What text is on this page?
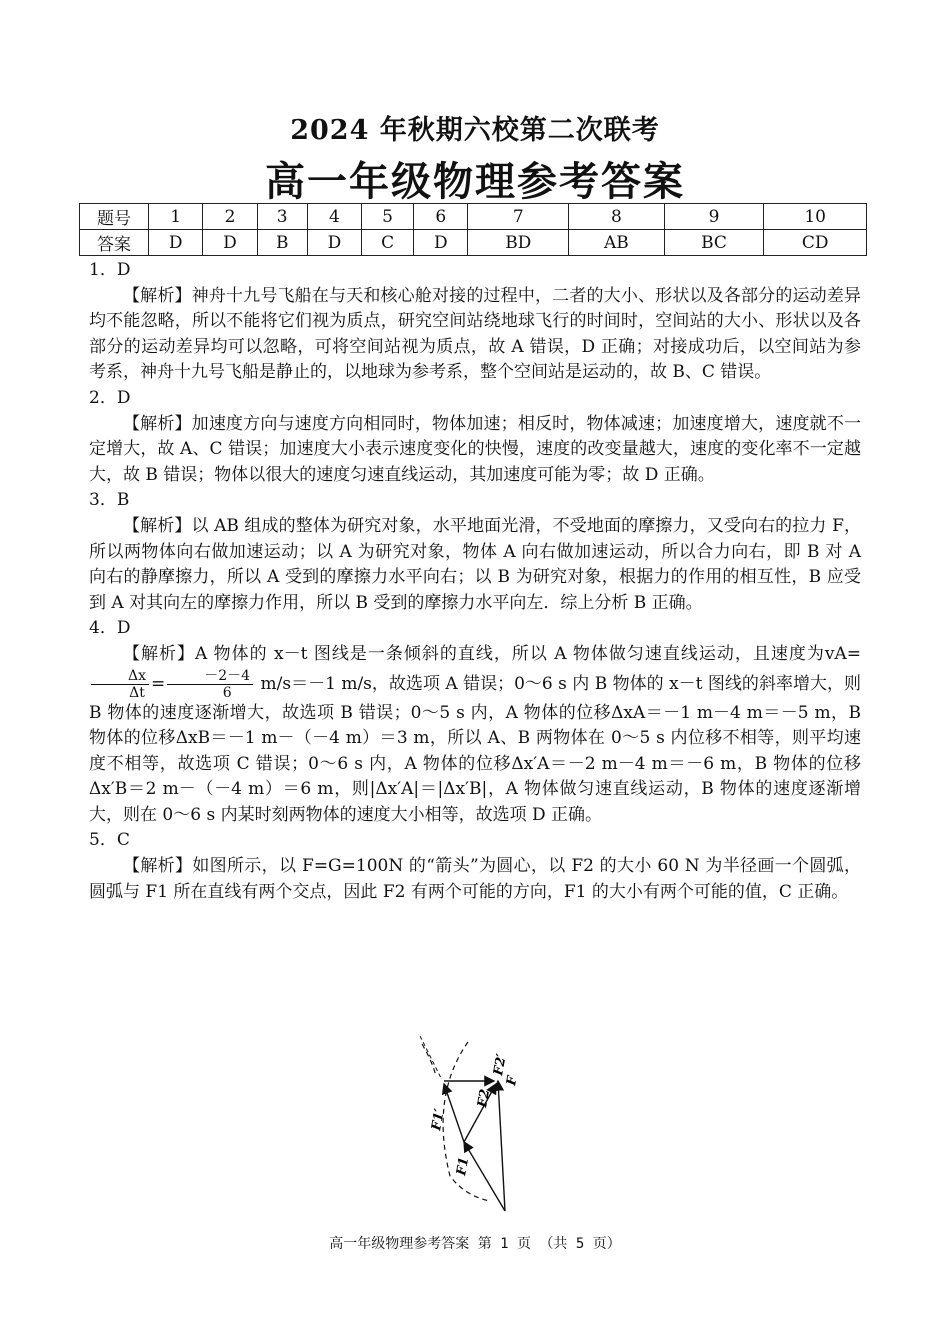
2024 年秋期六校第二次联考
高一年级物理参考答案
题号	1	2	3	4	5	6	7	8	9	10
答案	D	D	B	D	C	D	BD	AB	BC	CD

1．D

【解析】神舟十九号飞船在与天和核心舱对接的过程中，二者的大小、形状以及各部分的运动差异均不能忽略，所以不能将它们视为质点，研究空间站绕地球飞行的时间时，空间站的大小、形状以及各部分的运动差异均可以忽略，可将空间站视为质点，故 A 错误，D 正确；对接成功后，以空间站为参考系，神舟十九号飞船是静止的，以地球为参考系，整个空间站是运动的，故 B、C 错误。

2．D

【解析】加速度方向与速度方向相同时，物体加速；相反时，物体减速；加速度增大，速度就不一定增大，故 A、C 错误；加速度大小表示速度变化的快慢，速度的改变量越大，速度的变化率不一定越大，故 B 错误；物体以很大的速度匀速直线运动，其加速度可能为零；故 D 正确。

3．B

【解析】以 AB 组成的整体为研究对象，水平地面光滑，不受地面的摩擦力，又受向右的拉力 F，所以两物体向右做加速运动；以 A 为研究对象，物体 A 向右做加速运动，所以合力向右，即 B 对 A 向右的静摩擦力，所以 A 受到的摩擦力水平向右；以 B 为研究对象，根据力的作用的相互性，B 应受到 A 对其向左的摩擦力作用，所以 B 受到的摩擦力水平向左．综上分析 B 正确。

4．D

【解析】A 物体的 x－t 图线是一条倾斜的直线，所以 A 物体做匀速直线运动，且速度为vA=
$\frac{\Delta x}{\Delta t} = \frac{-2-4}{6} m/s=-1$ m/s，故选项 A 错误；0～6 s 内 B 物体的 x－t 图线的斜率增大，则 B 物体的速度逐渐增大，故选项 B 错误；0～5 s 内，A 物体的位移ΔxA＝－1 m－4 m＝－5 m，B 物体的位移ΔxB＝－1 m－（－4 m）＝3 m，所以 A、B 两物体在 0～5 s 内位移不相等，则平均速度不相等，故选项 C 错误；0～6 s 内，A 物体的位移Δx′A＝－2 m－4 m＝－6 m，B 物体的位移Δx′B＝2 m－（－4 m）＝6 m，则|Δx′A|＝|Δx′B|，A 物体做匀速直线运动，B 物体的速度逐渐增大，则在 0～6 s 内某时刻两物体的速度大小相等，故选项 D 正确。

5．C

【解析】如图所示，以 F=G=100N 的“箭头”为圆心，以 F2 的大小 60 N 为半径画一个圆弧，圆弧与 F1 所在直线有两个交点，因此 F2 有两个可能的方向，F1 的大小有两个可能的值，C 正确。

F
F2′
F2
F1′
F1
高一年级物理参考答案 第 1 页 （共 5 页）
